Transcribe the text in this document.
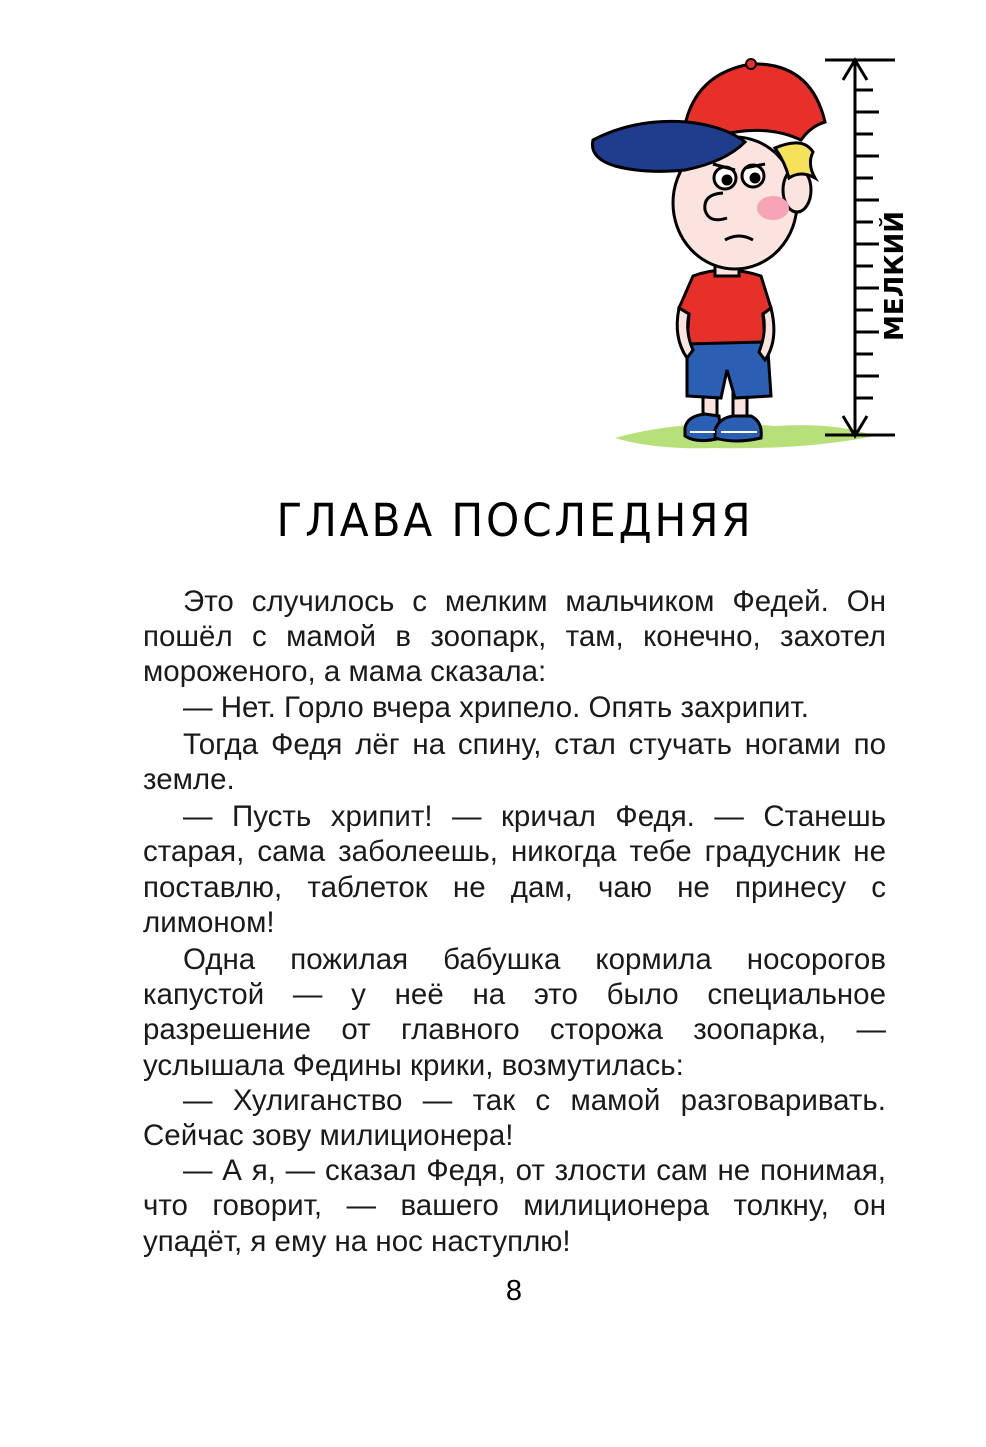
МЕЛКИЙ
ГЛАВА ПОСЛЕДНЯЯ

Это случилось с мелким мальчиком Федей. Он пошёл с мамой в зоопарк, там, конечно, захотел мороженого, а мама сказала:

— Нет. Горло вчера хрипело. Опять захрипит.

Тогда Федя лёг на спину, стал стучать ногами по земле.

— Пусть хрипит! — кричал Федя. — Станешь старая, сама заболеешь, никогда тебе градусник не поставлю, таблеток не дам, чаю не принесу с лимоном!

Одна пожилая бабушка кормила носорогов капустой — у неё на это было специальное разрешение от главного сторожа зоопарка, — услышала Федины крики, возмутилась:

— Хулиганство — так с мамой разговаривать. Сейчас зову милиционера!

— А я, — сказал Федя, от злости сам не понимая, что говорит, — вашего милиционера толкну, он упадёт, я ему на нос наступлю!

8
